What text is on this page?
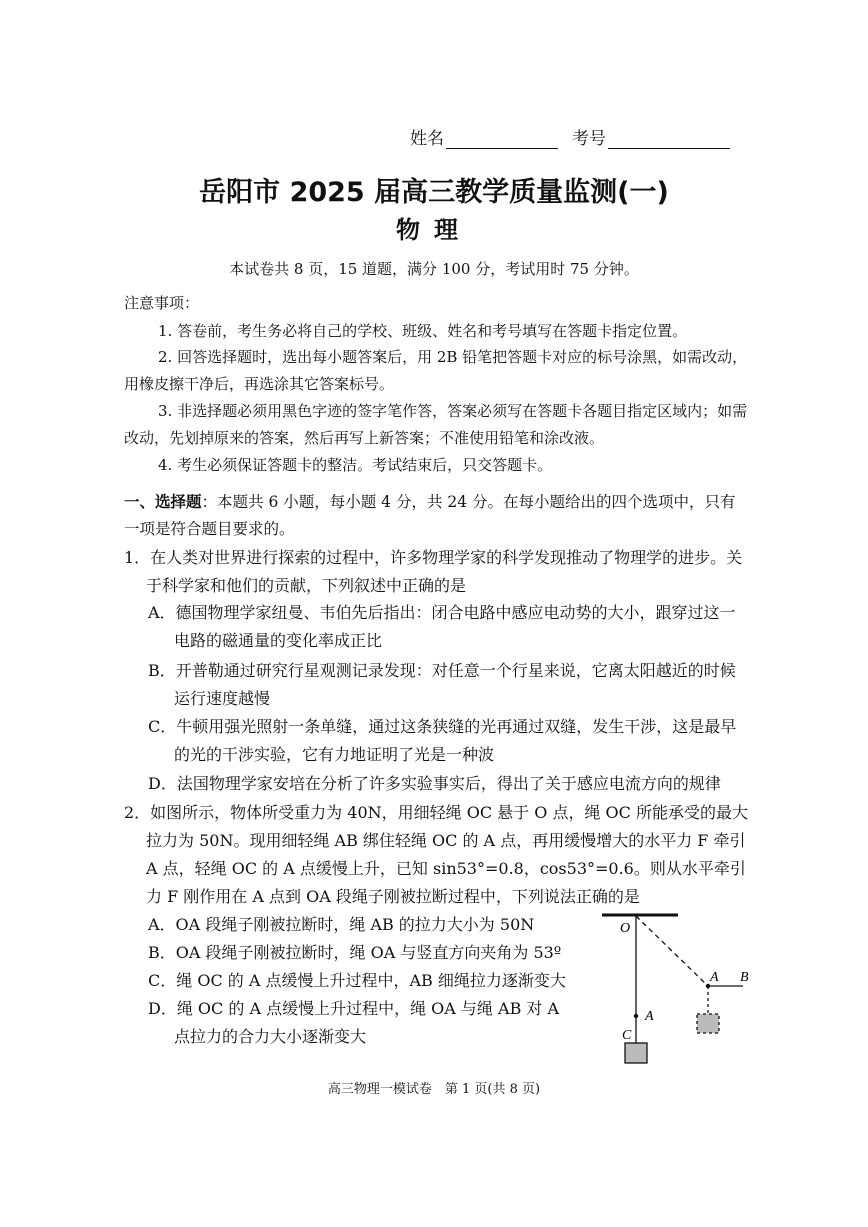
姓名	考号
岳阳市 2025 届高三教学质量监测(一)
物理
本试卷共 8 页，15 道题，满分 100 分，考试用时 75 分钟。
注意事项：
1. 答卷前，考生务必将自己的学校、班级、姓名和考号填写在答题卡指定位置。
2. 回答选择题时，选出每小题答案后，用 2B 铅笔把答题卡对应的标号涂黑，如需改动，用橡皮擦干净后，再选涂其它答案标号。
3. 非选择题必须用黑色字迹的签字笔作答，答案必须写在答题卡各题目指定区域内；如需改动，先划掉原来的答案，然后再写上新答案；不准使用铅笔和涂改液。
4. 考生必须保证答题卡的整洁。考试结束后，只交答题卡。
一、选择题：本题共 6 小题，每小题 4 分，共 24 分。在每小题给出的四个选项中，只有一项是符合题目要求的。
1．在人类对世界进行探索的过程中，许多物理学家的科学发现推动了物理学的进步。关于科学家和他们的贡献，下列叙述中正确的是
A．德国物理学家纽曼、韦伯先后指出：闭合电路中感应电动势的大小，跟穿过这一电路的磁通量的变化率成正比
B．开普勒通过研究行星观测记录发现：对任意一个行星来说，它离太阳越近的时候运行速度越慢
C．牛顿用强光照射一条单缝，通过这条狭缝的光再通过双缝，发生干涉，这是最早的光的干涉实验，它有力地证明了光是一种波
D．法国物理学家安培在分析了许多实验事实后，得出了关于感应电流方向的规律
2．如图所示，物体所受重力为 40N，用细轻绳 OC 悬于 O 点，绳 OC 所能承受的最大拉力为 50N。现用细轻绳 AB 绑住轻绳 OC 的 A 点，再用缓慢增大的水平力 F 牵引 A 点，轻绳 OC 的 A 点缓慢上升，已知 sin53°=0.8，cos53°=0.6。则从水平牵引力 F 刚作用在 A 点到 OA 段绳子刚被拉断过程中，下列说法正确的是
A．OA 段绳子刚被拉断时，绳 AB 的拉力大小为 50N
B．OA 段绳子刚被拉断时，绳 OA 与竖直方向夹角为 53º
C．绳 OC 的 A 点缓慢上升过程中，AB 细绳拉力逐渐变大
D．绳 OC 的 A 点缓慢上升过程中，绳 OA 与绳 AB 对 A 点拉力的合力大小逐渐变大
O
A B
A
C
高三物理一模试卷　第 1 页(共 8 页)
